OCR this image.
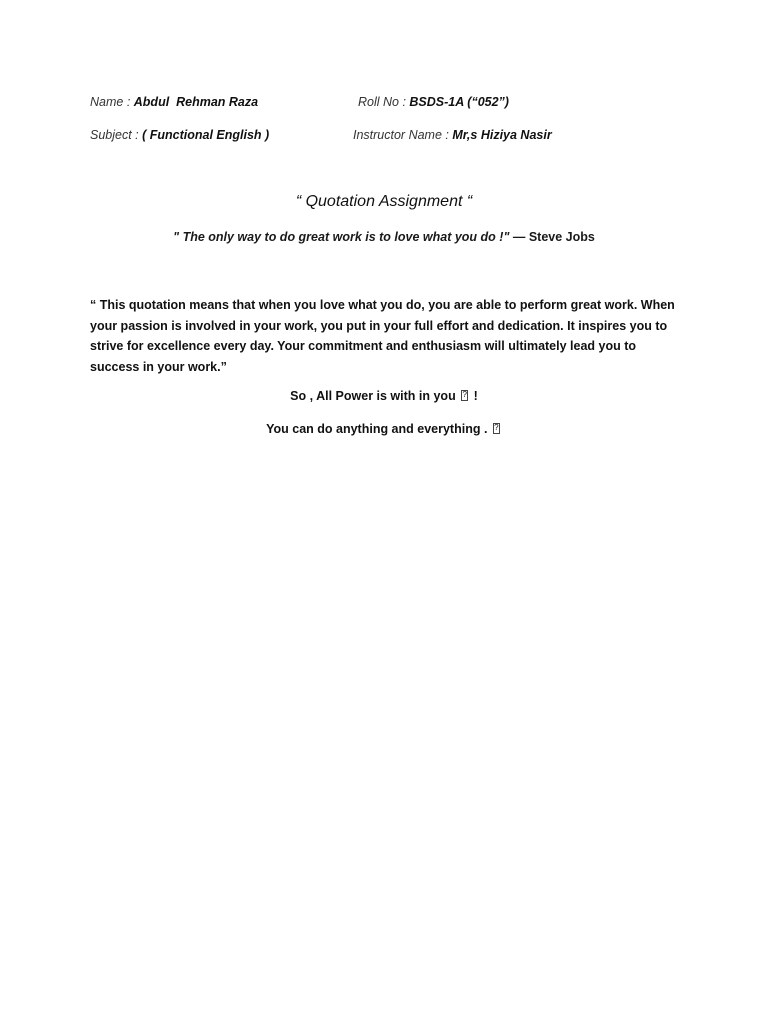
Name : Abdul  Rehman Raza	Roll No : BSDS-1A (“052”)
Subject : ( Functional English )	Instructor Name : Mr,s Hiziya Nasir
“ Quotation Assignment “
" The only way to do great work is to love what you do !" — Steve Jobs
“ This quotation means that when you love what you do, you are able to perform great work. When your passion is involved in your work, you put in your full effort and dedication. It inspires you to strive for excellence every day. Your commitment and enthusiasm will ultimately lead you to success in your work.”
So , All Power is with in you ? !
You can do anything and everything . ?
